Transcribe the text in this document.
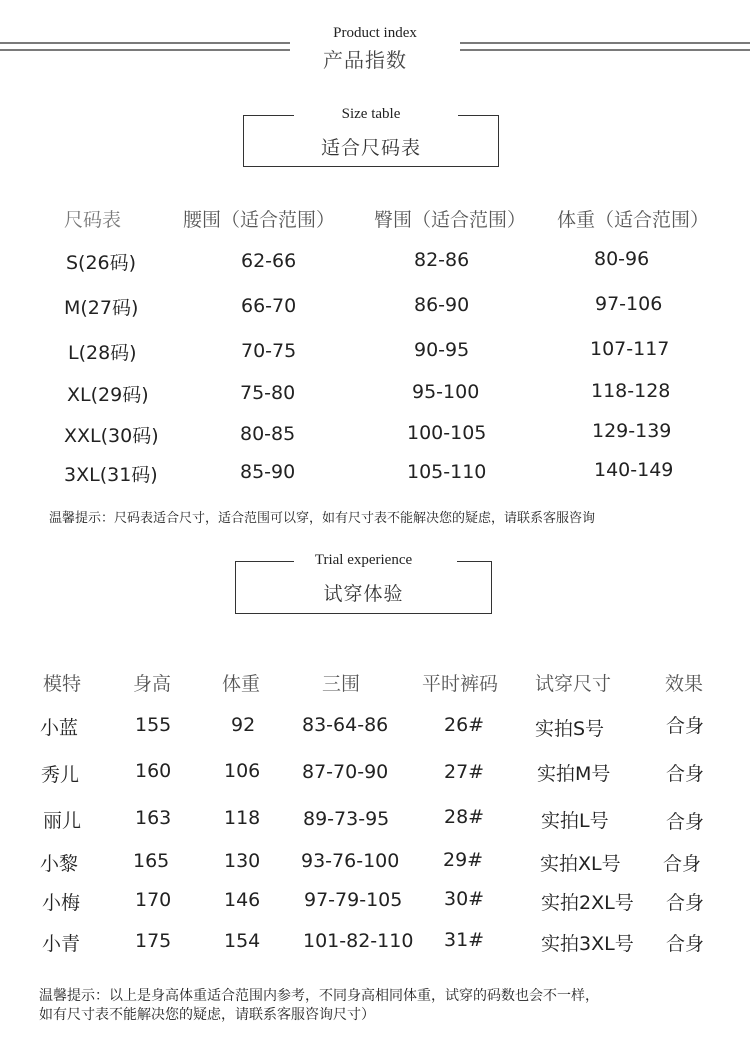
Product index
产品指数
Size table
适合尺码表
尺码表	腰围（适合范围） 臀围（适合范围） 体重（适合范围）
S(26码)	62-66	82-86	80-96
M(27码)	66-70	86-90	97-106
L(28码)	70-75	90-95	107-117
XL(29码)	75-80	95-100	118-128
XXL(30码)	80-85	100-105	129-139
3XL(31码)	85-90	105-110	140-149
温馨提示：尺码表适合尺寸，适合范围可以穿，如有尺寸表不能解决您的疑虑，请联系客服咨询
Trial experience
试穿体验
模特	身高	体重	三围	平时裤码 试穿尺寸	效果
小蓝	155	92 83-64-86	26#	实拍S号	合身
秀儿	160	106 87-70-90	27#	实拍M号	合身
丽儿	163	118 89-73-95	28#	实拍L号	合身
小黎	165	130 93-76-100 29#	实拍XL号 合身
小梅	170	146 97-79-105 30#	实拍2XL号 合身
小青	175	154 101-82-110 31#	实拍3XL号 合身
温馨提示：以上是身高体重适合范围内参考，不同身高相同体重，试穿的码数也会不一样，
如有尺寸表不能解决您的疑虑，请联系客服咨询尺寸）
